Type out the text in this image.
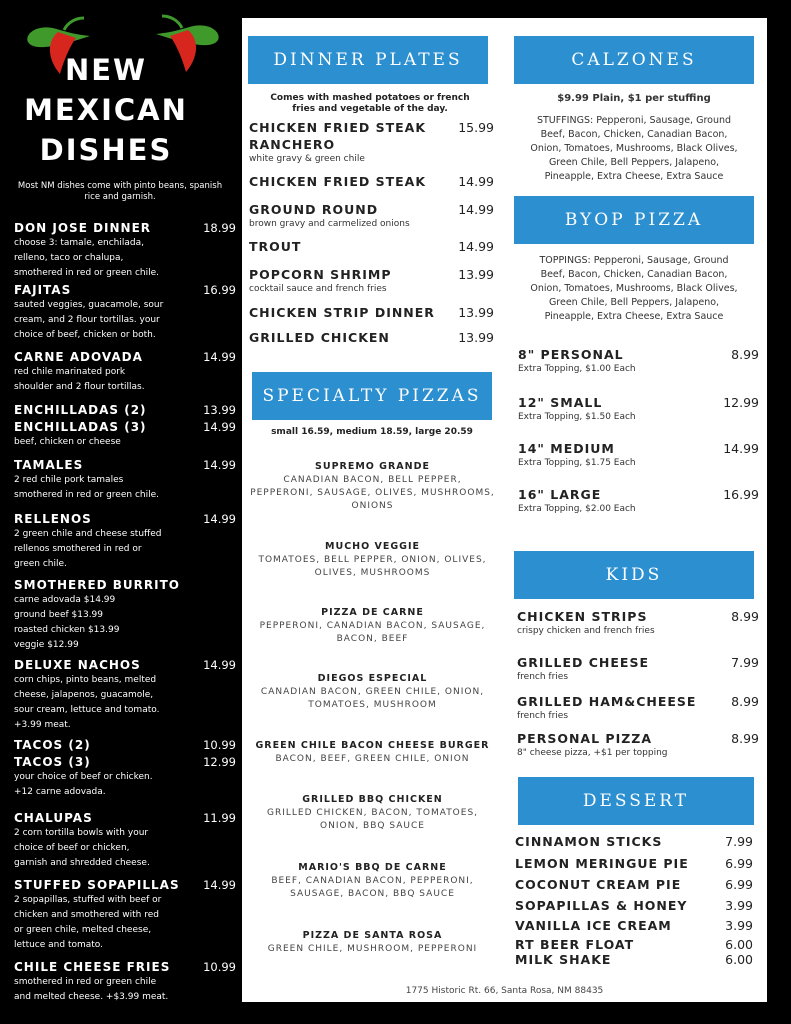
NEW
MEXICAN
DISHES
Most NM dishes come with pinto beans, spanish rice and garnish.
DON JOSE DINNER	18.99
choose 3: tamale, enchilada,
relleno, taco or chalupa,
smothered in red or green chile.
FAJITAS	16.99
sauted veggies, guacamole, sour
cream, and 2 flour tortillas. your
choice of beef, chicken or both.
CARNE ADOVADA	14.99
red chile marinated pork
shoulder and 2 flour tortillas.
ENCHILLADAS (2)	13.99
ENCHILLADAS (3)	14.99
beef, chicken or cheese
TAMALES	14.99
2 red chile pork tamales
smothered in red or green chile.
RELLENOS	14.99
2 green chile and cheese stuffed
rellenos smothered in red or
green chile.
SMOTHERED BURRITO
carne adovada $14.99
ground beef $13.99
roasted chicken $13.99
veggie $12.99
DELUXE NACHOS	14.99
corn chips, pinto beans, melted
cheese, jalapenos, guacamole,
sour cream, lettuce and tomato.
+3.99 meat.
TACOS (2)	10.99
TACOS (3)	12.99
your choice of beef or chicken.
+12 carne adovada.
CHALUPAS	11.99
2 corn tortilla bowls with your
choice of beef or chicken,
garnish and shredded cheese.
STUFFED SOPAPILLAS 14.99
2 sopapillas, stuffed with beef or
chicken and smothered with red
or green chile, melted cheese,
lettuce and tomato.
CHILE CHEESE FRIES	10.99
smothered in red or green chile
and melted cheese. +$3.99 meat.
DINNER PLATES
Comes with mashed potatoes or french
fries and vegetable of the day.
CHICKEN FRIED STEAK	15.99
RANCHERO
white gravy & green chile
CHICKEN FRIED STEAK	14.99
GROUND ROUND	14.99
brown gravy and carmelized onions
TROUT	14.99
POPCORN SHRIMP	13.99
cocktail sauce and french fries
CHICKEN STRIP DINNER 13.99
GRILLED CHICKEN	13.99
SPECIALTY PIZZAS
small 16.59, medium 18.59, large 20.59
SUPREMO GRANDE
CANADIAN BACON, BELL PEPPER,
PEPPERONI, SAUSAGE, OLIVES, MUSHROOMS,
ONIONS
MUCHO VEGGIE
TOMATOES, BELL PEPPER, ONION, OLIVES,
OLIVES, MUSHROOMS
PIZZA DE CARNE
PEPPERONI, CANADIAN BACON, SAUSAGE,
BACON, BEEF
DIEGOS ESPECIAL
CANADIAN BACON, GREEN CHILE, ONION,
TOMATOES, MUSHROOM
GREEN CHILE BACON CHEESE BURGER
BACON, BEEF, GREEN CHILE, ONION
GRILLED BBQ CHICKEN
GRILLED CHICKEN, BACON, TOMATOES,
ONION, BBQ SAUCE
MARIO'S BBQ DE CARNE
BEEF, CANADIAN BACON, PEPPERONI,
SAUSAGE, BACON, BBQ SAUCE
PIZZA DE SANTA ROSA
GREEN CHILE, MUSHROOM, PEPPERONI
CALZONES
$9.99 Plain, $1 per stuffing
STUFFINGS: Pepperoni, Sausage, Ground
Beef, Bacon, Chicken, Canadian Bacon,
Onion, Tomatoes, Mushrooms, Black Olives,
Green Chile, Bell Peppers, Jalapeno,
Pineapple, Extra Cheese, Extra Sauce
BYOP PIZZA
TOPPINGS: Pepperoni, Sausage, Ground
Beef, Bacon, Chicken, Canadian Bacon,
Onion, Tomatoes, Mushrooms, Black Olives,
Green Chile, Bell Peppers, Jalapeno,
Pineapple, Extra Cheese, Extra Sauce
8" PERSONAL	8.99
Extra Topping, $1.00 Each
12" SMALL	12.99
Extra Topping, $1.50 Each
14" MEDIUM	14.99
Extra Topping, $1.75 Each
16" LARGE	16.99
Extra Topping, $2.00 Each
KIDS
CHICKEN STRIPS	8.99
crispy chicken and french fries
GRILLED CHEESE	7.99
french fries
GRILLED HAM&CHEESE	8.99
french fries
PERSONAL PIZZA	8.99
8" cheese pizza, +$1 per topping
DESSERT
CINNAMON STICKS	7.99
LEMON MERINGUE PIE	6.99
COCONUT CREAM PIE	6.99
SOPAPILLAS & HONEY	3.99
VANILLA ICE CREAM	3.99
RT BEER FLOAT	6.00
MILK SHAKE	6.00
1775 Historic Rt. 66, Santa Rosa, NM 88435
